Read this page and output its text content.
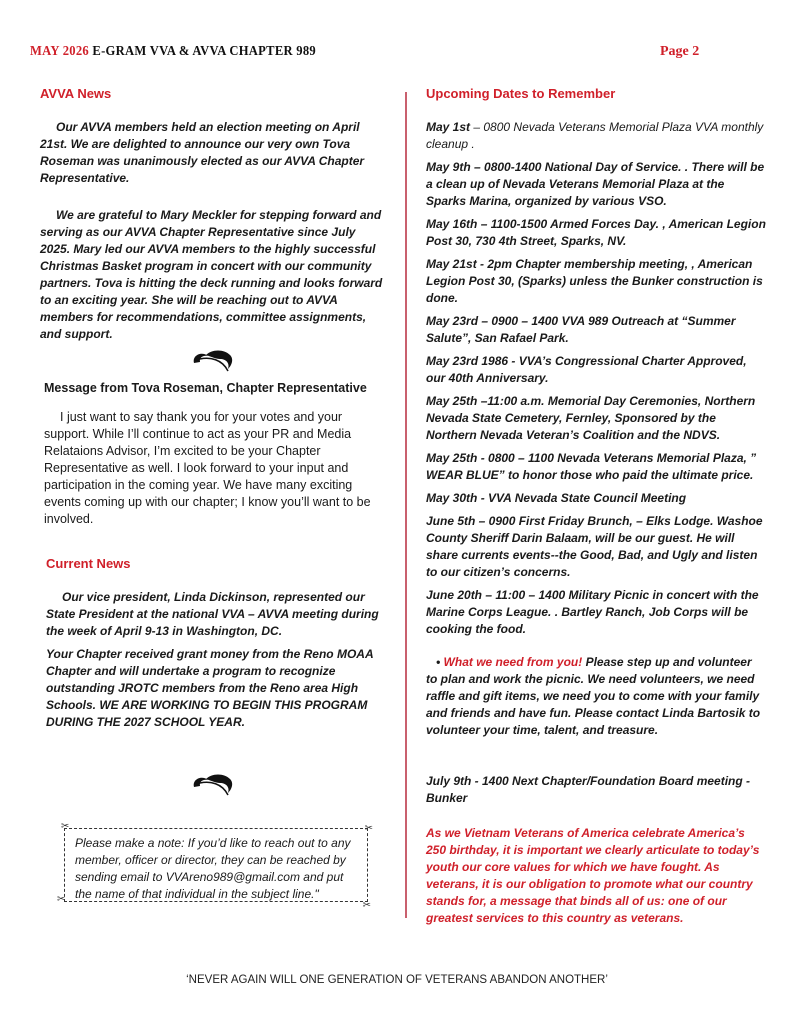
MAY 2026 E-GRAM VVA & AVVA CHAPTER 989	Page 2
AVVA News

Our AVVA members held an election meeting on April 21st. We are delighted to announce our very own Tova Roseman was unanimously elected as our AVVA Chapter Representative.

We are grateful to Mary Meckler for stepping forward and serving as our AVVA Chapter Representative since July 2025. Mary led our AVVA members to the highly successful Christmas Basket program in concert with our community partners. Tova is hitting the deck running and looks forward to an exciting year. She will be reaching out to AVVA members for recommendations, committee assignments, and support.

Message from Tova Roseman, Chapter Representative

I just want to say thank you for your votes and your support. While I’ll continue to act as your PR and Media Relataions Advisor, I’m excited to be your Chapter Representative as well. I look forward to your input and participation in the coming year. We have many exciting events coming up with our chapter; I know you’ll want to be involved.

Current News

Our vice president, Linda Dickinson, represented our State President at the national VVA – AVVA meeting during the week of April 9-13 in Washington, DC.

Your Chapter received grant money from the Reno MOAA Chapter and will undertake a program to recognize outstanding JROTC members from the Reno area High Schools. WE ARE WORKING TO BEGIN THIS PROGRAM DURING THE 2027 SCHOOL YEAR.

✂	✂
✂
✂

Please make a note: If you’d like to reach out to any member, officer or director, they can be reached by sending email to VVAreno989@gmail.com and put the name of that individual in the subject line."

Upcoming Dates to Remember

May 1st – 0800 Nevada Veterans Memorial Plaza VVA monthly cleanup .

May 9th – 0800-1400 National Day of Service. . There will be a clean up of Nevada Veterans Memorial Plaza at the Sparks Marina, organized by various VSO.

May 16th – 1100-1500 Armed Forces Day. , American Legion Post 30, 730 4th Street, Sparks, NV.

May 21st - 2pm Chapter membership meeting, , American Legion Post 30, (Sparks) unless the Bunker construction is done.

May 23rd – 0900 – 1400 VVA 989 Outreach at “Summer Salute”, San Rafael Park.

May 23rd 1986 - VVA’s Congressional Charter Approved, our 40th Anniversary.

May 25th –11:00 a.m. Memorial Day Ceremonies, Northern Nevada State Cemetery, Fernley, Sponsored by the Northern Nevada Veteran’s Coalition and the NDVS.

May 25th - 0800 – 1100 Nevada Veterans Memorial Plaza, ” WEAR BLUE” to honor those who paid the ultimate price.

May 30th - VVA Nevada State Council Meeting

June 5th – 0900 First Friday Brunch, – Elks Lodge. Washoe County Sheriff Darin Balaam, will be our guest. He will share currents events--the Good, Bad, and Ugly and listen to our citizen’s concerns.

June 20th – 11:00 – 1400 Military Picnic in concert with the Marine Corps League. . Bartley Ranch, Job Corps will be cooking the food.

• What we need from you! Please step up and volunteer to plan and work the picnic. We need volunteers, we need raffle and gift items, we need you to come with your family and friends and have fun. Please contact Linda Bartosik to volunteer your time, talent, and treasure.

July 9th - 1400 Next Chapter/Foundation Board meeting - Bunker

As we Vietnam Veterans of America celebrate America’s 250 birthday, it is important we clearly articulate to today’s youth our core values for which we have fought. As veterans, it is our obligation to promote what our country stands for, a message that binds all of us: one of our greatest services to this country as veterans.

‘NEVER AGAIN WILL ONE GENERATION OF VETERANS ABANDON ANOTHER’
